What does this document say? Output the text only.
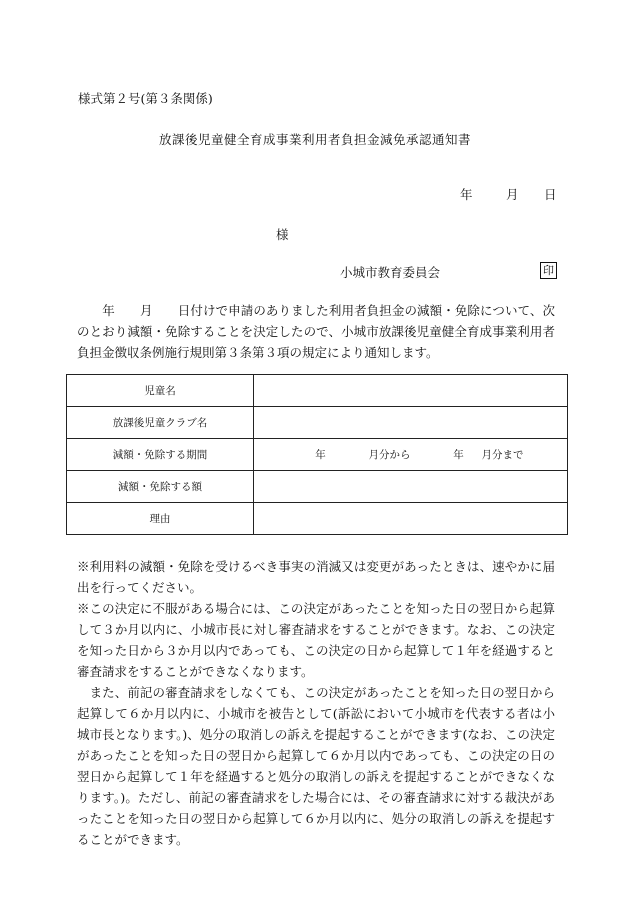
様式第２号(第３条関係)
放課後児童健全育成事業利用者負担金減免承認通知書
年	月 日
様
小城市教育委員会	印
　　年　　月　　日付けで申請のありました利用者負担金の減額・免除について、次のとおり減額・免除することを決定したので、小城市放課後児童健全育成事業利用者負担金徴収条例施行規則第３条第３項の規定により通知します。
児童名	
放課後児童クラブ名	
減額・免除する期間	年 月分から 年 月分まで
減額・免除する額	
理由	

※利用料の減額・免除を受けるべき事実の消滅又は変更があったときは、速やかに届出を行ってください。

※この決定に不服がある場合には、この決定があったことを知った日の翌日から起算して３か月以内に、小城市長に対し審査請求をすることができます。なお、この決定を知った日から３か月以内であっても、この決定の日から起算して１年を経過すると審査請求をすることができなくなります。

　また、前記の審査請求をしなくても、この決定があったことを知った日の翌日から起算して６か月以内に、小城市を被告として(訴訟において小城市を代表する者は小城市長となります。)、処分の取消しの訴えを提起することができます(なお、この決定があったことを知った日の翌日から起算して６か月以内であっても、この決定の日の翌日から起算して１年を経過すると処分の取消しの訴えを提起することができなくなります。)。ただし、前記の審査請求をした場合には、その審査請求に対する裁決があったことを知った日の翌日から起算して６か月以内に、処分の取消しの訴えを提起することができます。
